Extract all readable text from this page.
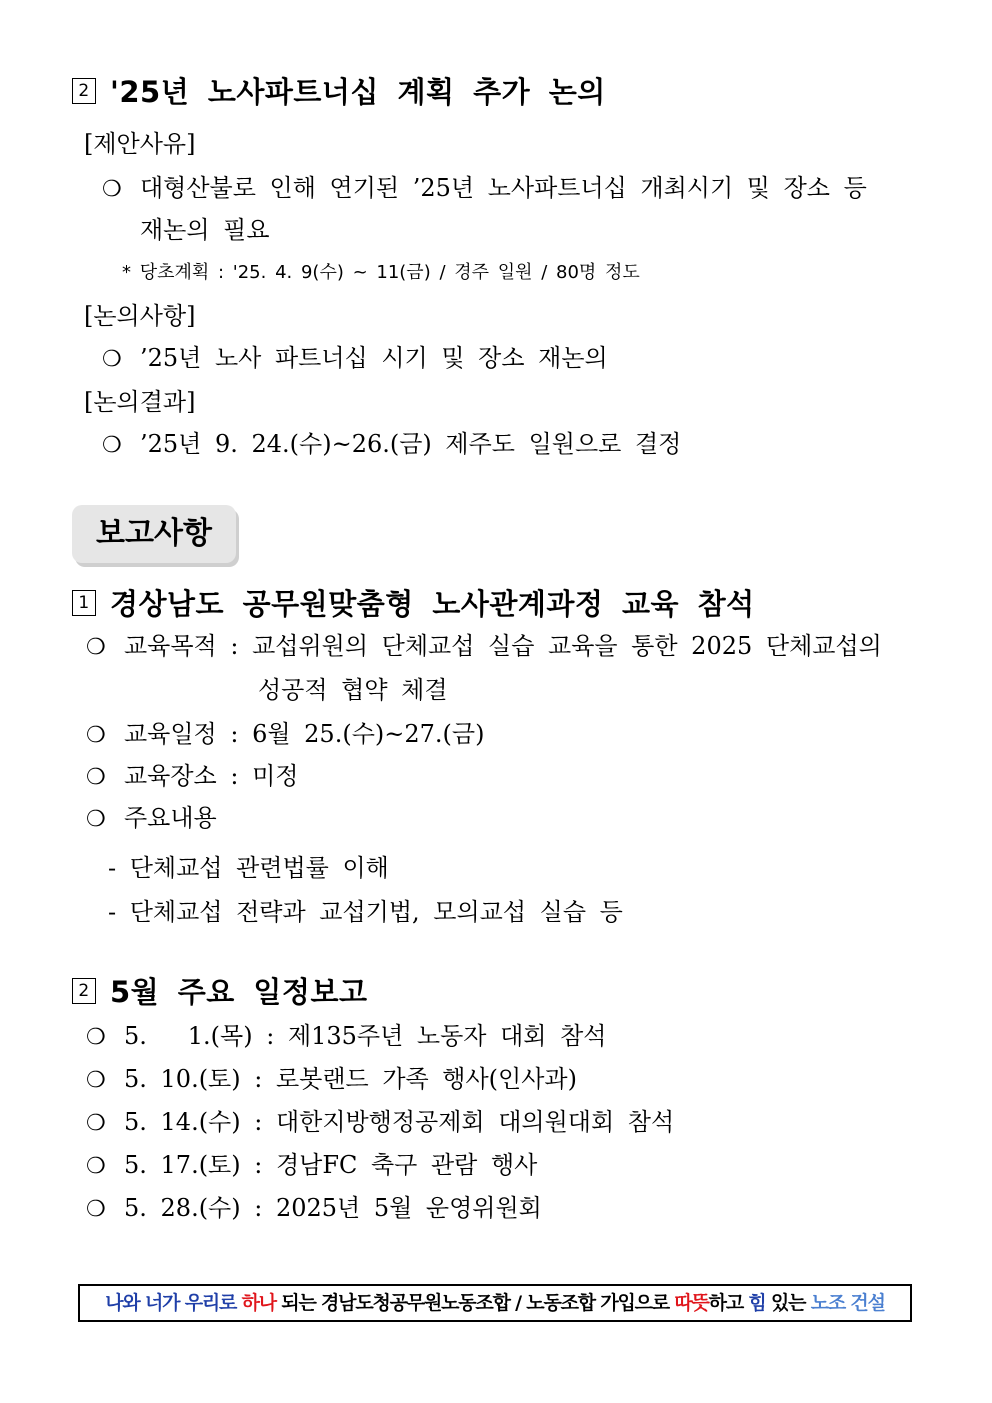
2 '25년 노사파트너십 계획 추가 논의
[제안사유]
❍ 대형산불로 인해 연기된 ’25년 노사파트너십 개최시기 및 장소 등
재논의 필요
* 당초계획 : '25. 4. 9(수) ~ 11(금) / 경주 일원 / 80명 정도
[논의사항]
❍ ’25년 노사 파트너십 시기 및 장소 재논의
[논의결과]
❍ ’25년 9. 24.(수)~26.(금) 제주도 일원으로 결정
보고사항
1 경상남도 공무원맞춤형 노사관계과정 교육 참석
❍ 교육목적 : 교섭위원의 단체교섭 실습 교육을 통한 2025 단체교섭의
성공적 협약 체결
❍ 교육일정 : 6월 25.(수)~27.(금)
❍ 교육장소 : 미정
❍ 주요내용
- 단체교섭 관련법률 이해
- 단체교섭 전략과 교섭기법, 모의교섭 실습 등
2 5월 주요 일정보고
❍ 5.   1.(목) : 제135주년 노동자 대회 참석
❍ 5. 10.(토) : 로봇랜드 가족 행사(인사과)
❍ 5. 14.(수) : 대한지방행정공제회 대의원대회 참석
❍ 5. 17.(토) : 경남FC 축구 관람 행사
❍ 5. 28.(수) : 2025년 5월 운영위원회
나와 너가 우리로 하나 되는 경남도청공무원노동조합 / 노동조합 가입으로 따뜻하고 힘 있는 노조 건설
